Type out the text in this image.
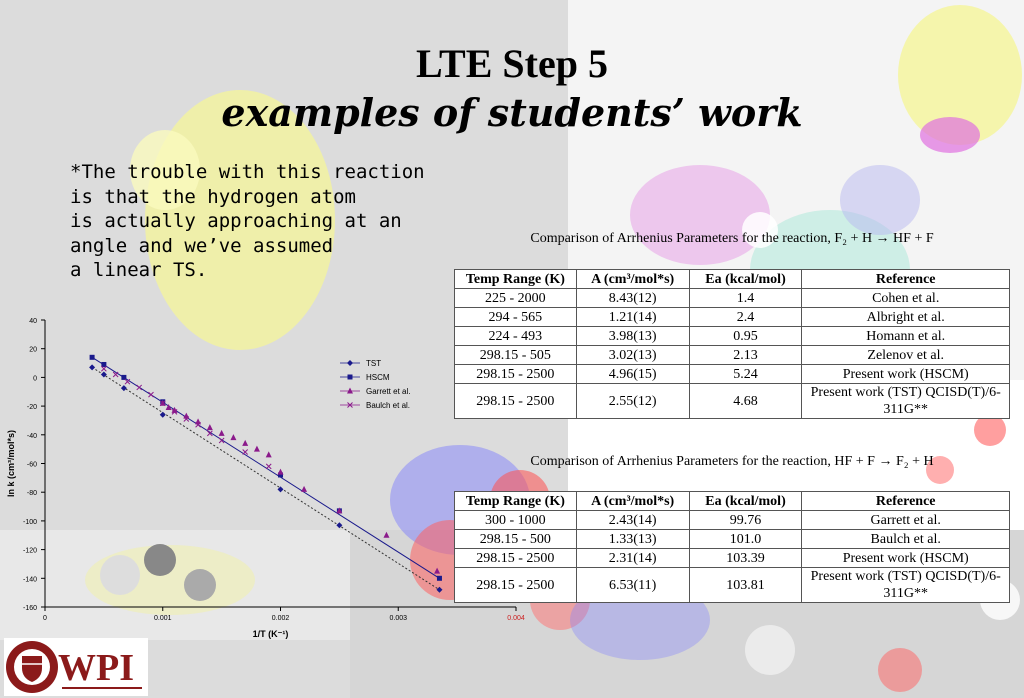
LTE Step 5
examples of students’ work
*The trouble with this reaction
is that the hydrogen atom
is actually approaching at an
angle and we’ve assumed
a linear TS.
Comparison of Arrhenius Parameters for the reaction, F₂ + H → HF + F
Temp Range (K)	A (cm³/mol*s)	Ea (kcal/mol)	Reference
225 - 2000	8.43(12)	1.4	Cohen et al.
294 - 565	1.21(14)	2.4	Albright et al.
224 - 493	3.98(13)	0.95	Homann et al.
298.15 - 505	3.02(13)	2.13	Zelenov et al.
298.15 - 2500	4.96(15)	5.24	Present work (HSCM)
298.15 - 2500	2.55(12)	4.68	Present work (TST) QCISD(T)/6-311G**
Comparison of Arrhenius Parameters for the reaction, HF + F → F₂ + H
Temp Range (K)	A (cm³/mol*s)	Ea (kcal/mol)	Reference
300 - 1000	2.43(14)	99.76	Garrett et al.
298.15 - 500	1.33(13)	101.0	Baulch et al.
298.15 - 2500	2.31(14)	103.39	Present work (HSCM)
298.15 - 2500	6.53(11)	103.81	Present work (TST) QCISD(T)/6-311G**
-160
-140
-120
-100
-80
-60
-40
-20
0
20
40
0	0.001	0.002	0.003	0.004
1/T (K⁻¹)
ln k (cm³/mol*s)
TST
HSCM
Garrett et al.
Baulch et al.
WPI
